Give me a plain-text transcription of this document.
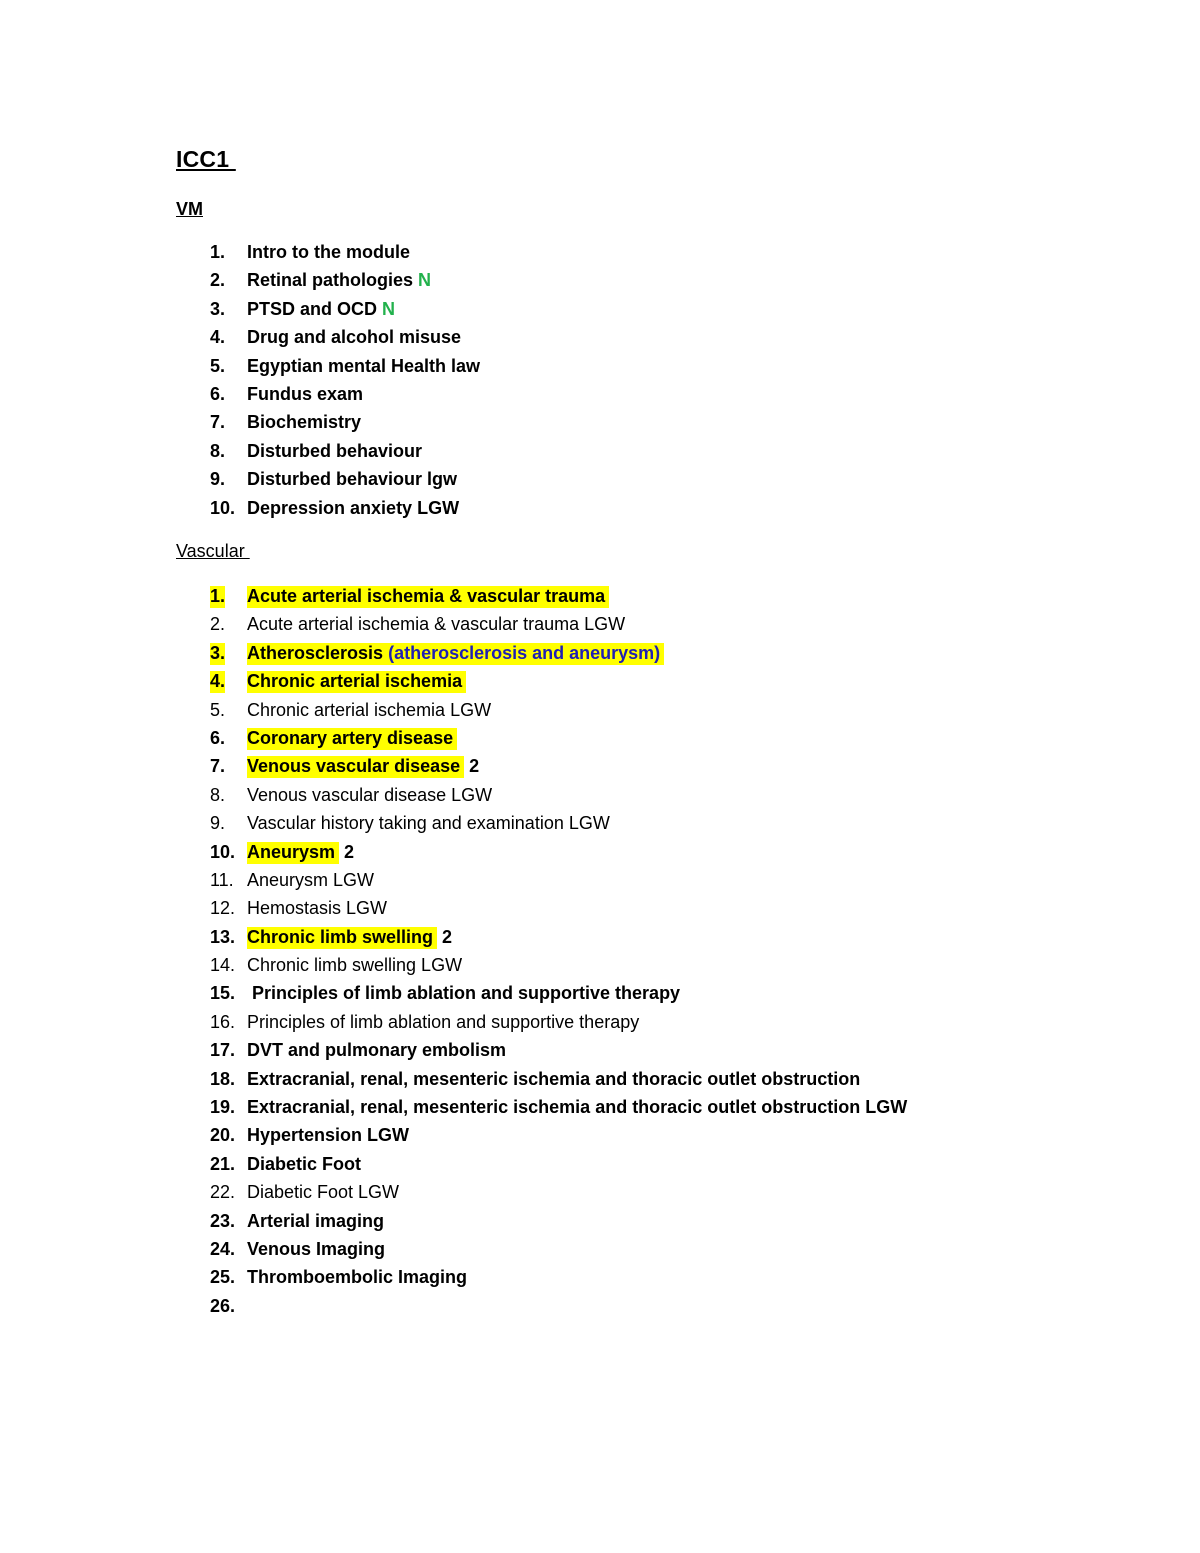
ICC1
VM
1.	Intro to the module
2.	Retinal pathologies N
3.	PTSD and OCD N
4.	Drug and alcohol misuse
5.	Egyptian mental Health law
6.	Fundus exam
7.	Biochemistry
8.	Disturbed behaviour
9.	Disturbed behaviour lgw
10. Depression anxiety LGW
Vascular
1.	Acute arterial ischemia & vascular trauma
2.	Acute arterial ischemia & vascular trauma LGW
3.	Atherosclerosis (atherosclerosis and aneurysm)
4.	Chronic arterial ischemia
5.	Chronic arterial ischemia LGW
6.	Coronary artery disease
7.	Venous vascular disease 2
8.	Venous vascular disease LGW
9.	Vascular history taking and examination LGW
10. Aneurysm 2
11. Aneurysm LGW
12. Hemostasis LGW
13. Chronic limb swelling 2
14. Chronic limb swelling LGW
15. Principles of limb ablation and supportive therapy
16. Principles of limb ablation and supportive therapy
17. DVT and pulmonary embolism
18. Extracranial, renal, mesenteric ischemia and thoracic outlet obstruction
19. Extracranial, renal, mesenteric ischemia and thoracic outlet obstruction LGW
20. Hypertension LGW
21. Diabetic Foot
22. Diabetic Foot LGW
23. Arterial imaging
24. Venous Imaging
25. Thromboembolic Imaging
26.
